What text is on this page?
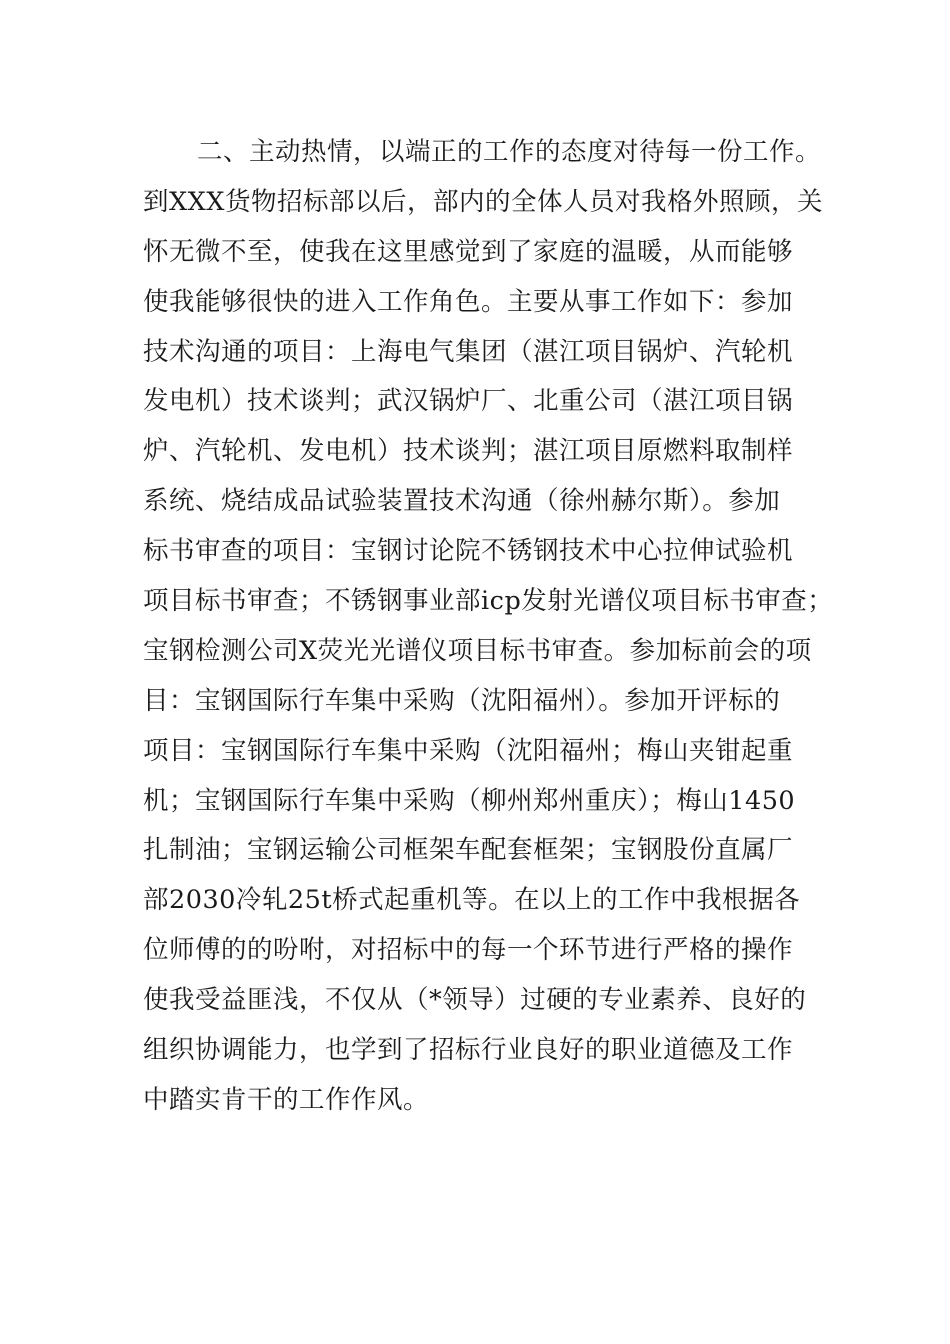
二、主动热情，以端正的工作的态度对待每一份工作。
到XXX货物招标部以后，部内的全体人员对我格外照顾，关
怀无微不至，使我在这里感觉到了家庭的温暖，从而能够
使我能够很快的进入工作角色。主要从事工作如下：参加
技术沟通的项目：上海电气集团（湛江项目锅炉、汽轮机
发电机）技术谈判；武汉锅炉厂、北重公司（湛江项目锅
炉、汽轮机、发电机）技术谈判；湛江项目原燃料取制样
系统、烧结成品试验装置技术沟通（徐州赫尔斯）。参加
标书审查的项目：宝钢讨论院不锈钢技术中心拉伸试验机
项目标书审查；不锈钢事业部icp发射光谱仪项目标书审查；
宝钢检测公司X荧光光谱仪项目标书审查。参加标前会的项
目：宝钢国际行车集中采购（沈阳福州）。参加开评标的
项目：宝钢国际行车集中采购（沈阳福州；梅山夹钳起重
机；宝钢国际行车集中采购（柳州郑州重庆）；梅山1450
扎制油；宝钢运输公司框架车配套框架；宝钢股份直属厂
部2030冷轧25t桥式起重机等。在以上的工作中我根据各
位师傅的的吩咐，对招标中的每一个环节进行严格的操作
使我受益匪浅，不仅从（*领导）过硬的专业素养、良好的
组织协调能力，也学到了招标行业良好的职业道德及工作
中踏实肯干的工作作风。
